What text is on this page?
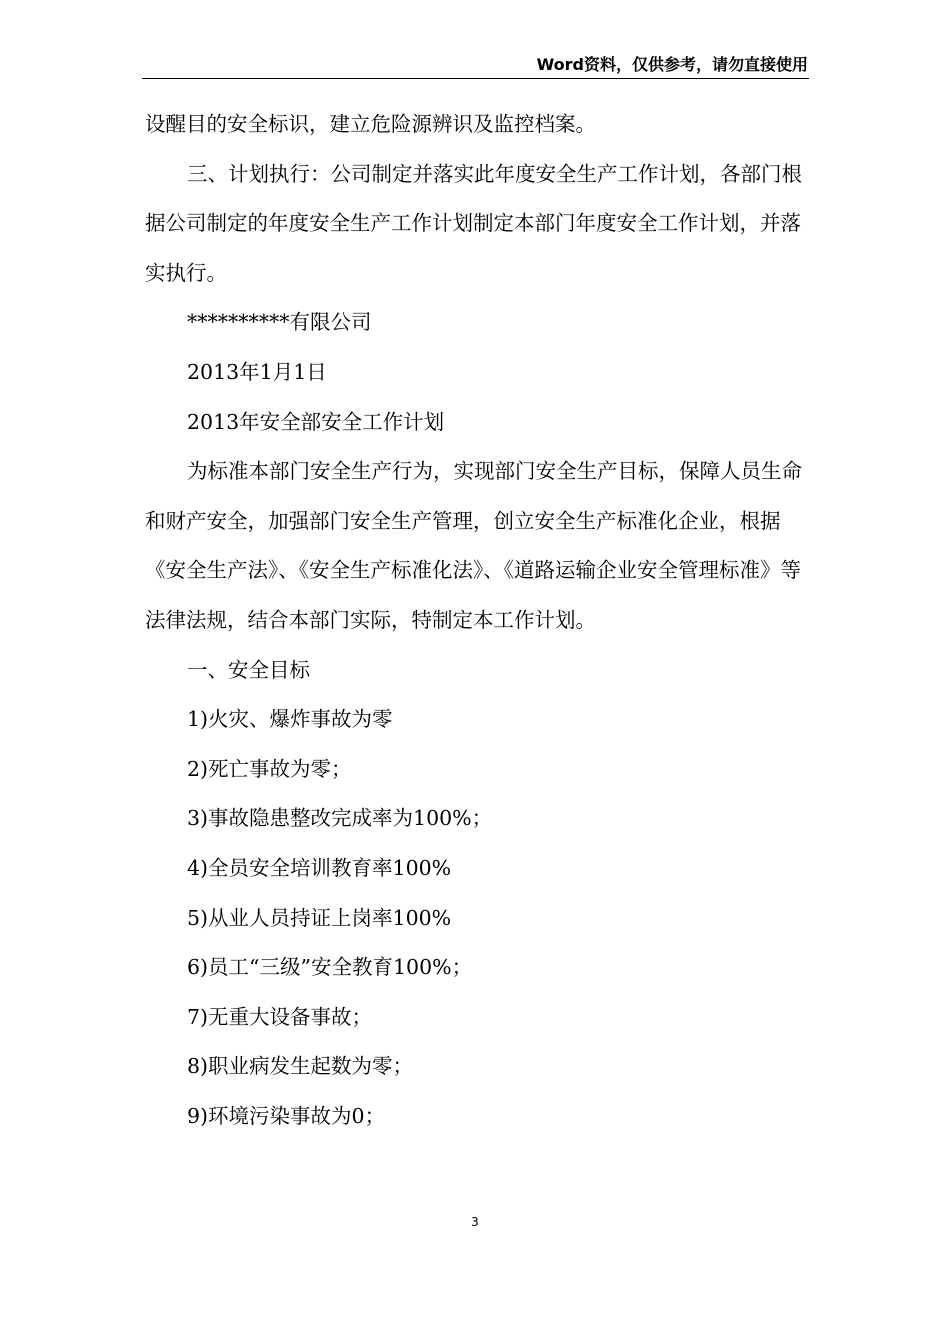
Word资料，仅供参考，请勿直接使用

设醒目的安全标识，建立危险源辨识及监控档案。

三、计划执行：公司制定并落实此年度安全生产工作计划，各部门根据公司制定的年度安全生产工作计划制定本部门年度安全工作计划，并落实执行。

**********有限公司

2013年1月1日

2013年安全部安全工作计划

为标准本部门安全生产行为，实现部门安全生产目标，保障人员生命和财产安全，加强部门安全生产管理，创立安全生产标准化企业，根据《安全生产法》、《安全生产标准化法》、《道路运输企业安全管理标准》等法律法规，结合本部门实际，特制定本工作计划。

一、安全目标

1)火灾、爆炸事故为零

2)死亡事故为零；

3)事故隐患整改完成率为100%；

4)全员安全培训教育率100%

5)从业人员持证上岗率100%

6)员工“三级”安全教育100%；

7)无重大设备事故；

8)职业病发生起数为零；

9)环境污染事故为0；

3
